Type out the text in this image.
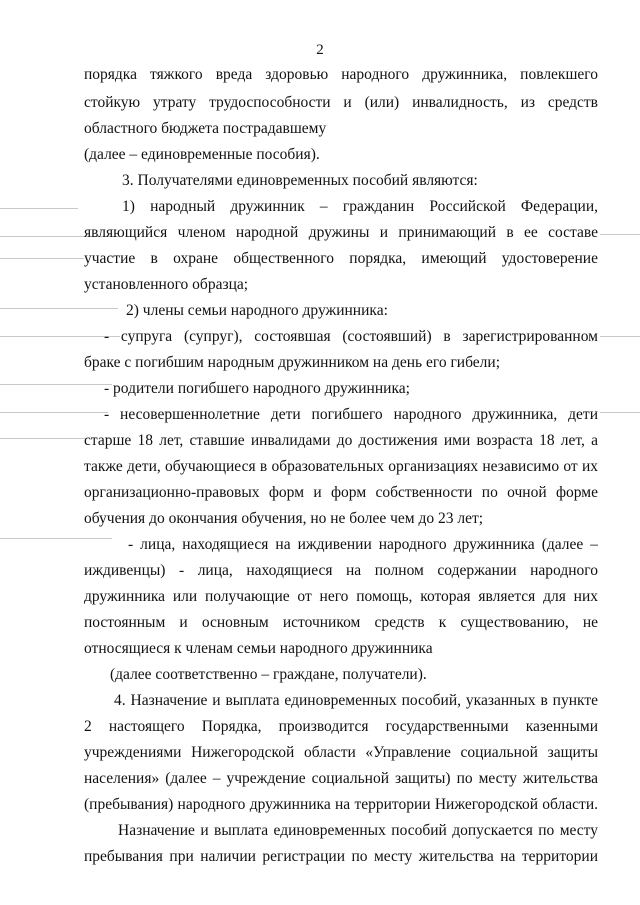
2
порядка тяжкого вреда здоровью народного дружинника, повлекшего
стойкую утрату трудоспособности и (или) инвалидность, из средств
областного бюджета пострадавшему
(далее – единовременные пособия).
3. Получателями единовременных пособий являются:
1) народный дружинник – гражданин Российской Федерации,
являющийся членом народной дружины и принимающий в ее составе
участие в охране общественного порядка, имеющий удостоверение
установленного образца;
2) члены семьи народного дружинника:
- супруга (супруг), состоявшая (состоявший) в зарегистрированном
браке с погибшим народным дружинником на день его гибели;
- родители погибшего народного дружинника;
- несовершеннолетние дети погибшего народного дружинника, дети
старше 18 лет, ставшие инвалидами до достижения ими возраста 18 лет, а
также дети, обучающиеся в образовательных организациях независимо от их
организационно-правовых форм и форм собственности по очной форме
обучения до окончания обучения, но не более чем до 23 лет;
- лица, находящиеся на иждивении народного дружинника (далее –
иждивенцы) - лица, находящиеся на полном содержании народного
дружинника или получающие от него помощь, которая является для них
постоянным и основным источником средств к существованию, не
относящиеся к членам семьи народного дружинника
(далее соответственно – граждане, получатели).
4. Назначение и выплата единовременных пособий, указанных в пункте
2 настоящего Порядка, производится государственными казенными
учреждениями Нижегородской области «Управление социальной защиты
населения» (далее – учреждение социальной защиты) по месту жительства
(пребывания) народного дружинника на территории Нижегородской области.
Назначение и выплата единовременных пособий допускается по месту
пребывания при наличии регистрации по месту жительства на территории
